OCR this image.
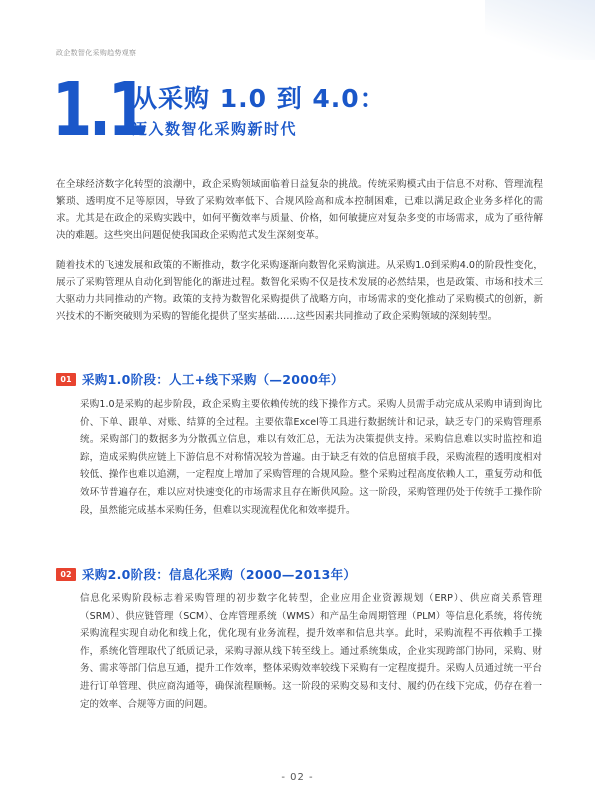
政企数智化采购趋势观察
1.1
从采购 1.0 到 4.0：
迈入数智化采购新时代

在全球经济数字化转型的浪潮中，政企采购领域面临着日益复杂的挑战。传统采购模式由于信息不对称、管理流程繁琐、透明度不足等原因，导致了采购效率低下、合规风险高和成本控制困难，已难以满足政企业务多样化的需求。尤其是在政企的采购实践中，如何平衡效率与质量、价格，如何敏捷应对复杂多变的市场需求，成为了亟待解决的难题。这些突出问题促使我国政企采购范式发生深刻变革。

随着技术的飞速发展和政策的不断推动，数字化采购逐渐向数智化采购演进。从采购1.0到采购4.0的阶段性变化，展示了采购管理从自动化到智能化的渐进过程。数智化采购不仅是技术发展的必然结果，也是政策、市场和技术三大驱动力共同推动的产物。政策的支持为数智化采购提供了战略方向，市场需求的变化推动了采购模式的创新，新兴技术的不断突破则为采购的智能化提供了坚实基础……这些因素共同推动了政企采购领域的深刻转型。

01 采购1.0阶段：人工+线下采购（—2000年）

采购1.0是采购的起步阶段，政企采购主要依赖传统的线下操作方式。采购人员需手动完成从采购申请到询比价、下单、跟单、对账、结算的全过程。主要依靠Excel等工具进行数据统计和记录，缺乏专门的采购管理系统。采购部门的数据多为分散孤立信息，难以有效汇总，无法为决策提供支持。采购信息难以实时监控和追踪，造成采购供应链上下游信息不对称情况较为普遍。由于缺乏有效的信息留痕手段，采购流程的透明度相对较低、操作也难以追溯，一定程度上增加了采购管理的合规风险。整个采购过程高度依赖人工，重复劳动和低效环节普遍存在，难以应对快速变化的市场需求且存在断供风险。这一阶段，采购管理仍处于传统手工操作阶段，虽然能完成基本采购任务，但难以实现流程优化和效率提升。

02 采购2.0阶段：信息化采购（2000—2013年）

信息化采购阶段标志着采购管理的初步数字化转型，企业应用企业资源规划（ERP）、供应商关系管理（SRM）、供应链管理（SCM）、仓库管理系统（WMS）和产品生命周期管理（PLM）等信息化系统，将传统采购流程实现自动化和线上化，优化现有业务流程，提升效率和信息共享。此时，采购流程不再依赖手工操作，系统化管理取代了纸质记录，采购寻源从线下转至线上。通过系统集成，企业实现跨部门协同，采购、财务、需求等部门信息互通，提升工作效率，整体采购效率较线下采购有一定程度提升。采购人员通过统一平台进行订单管理、供应商沟通等，确保流程顺畅。这一阶段的采购交易和支付、履约仍在线下完成，仍存在着一定的效率、合规等方面的问题。

- 02 -
